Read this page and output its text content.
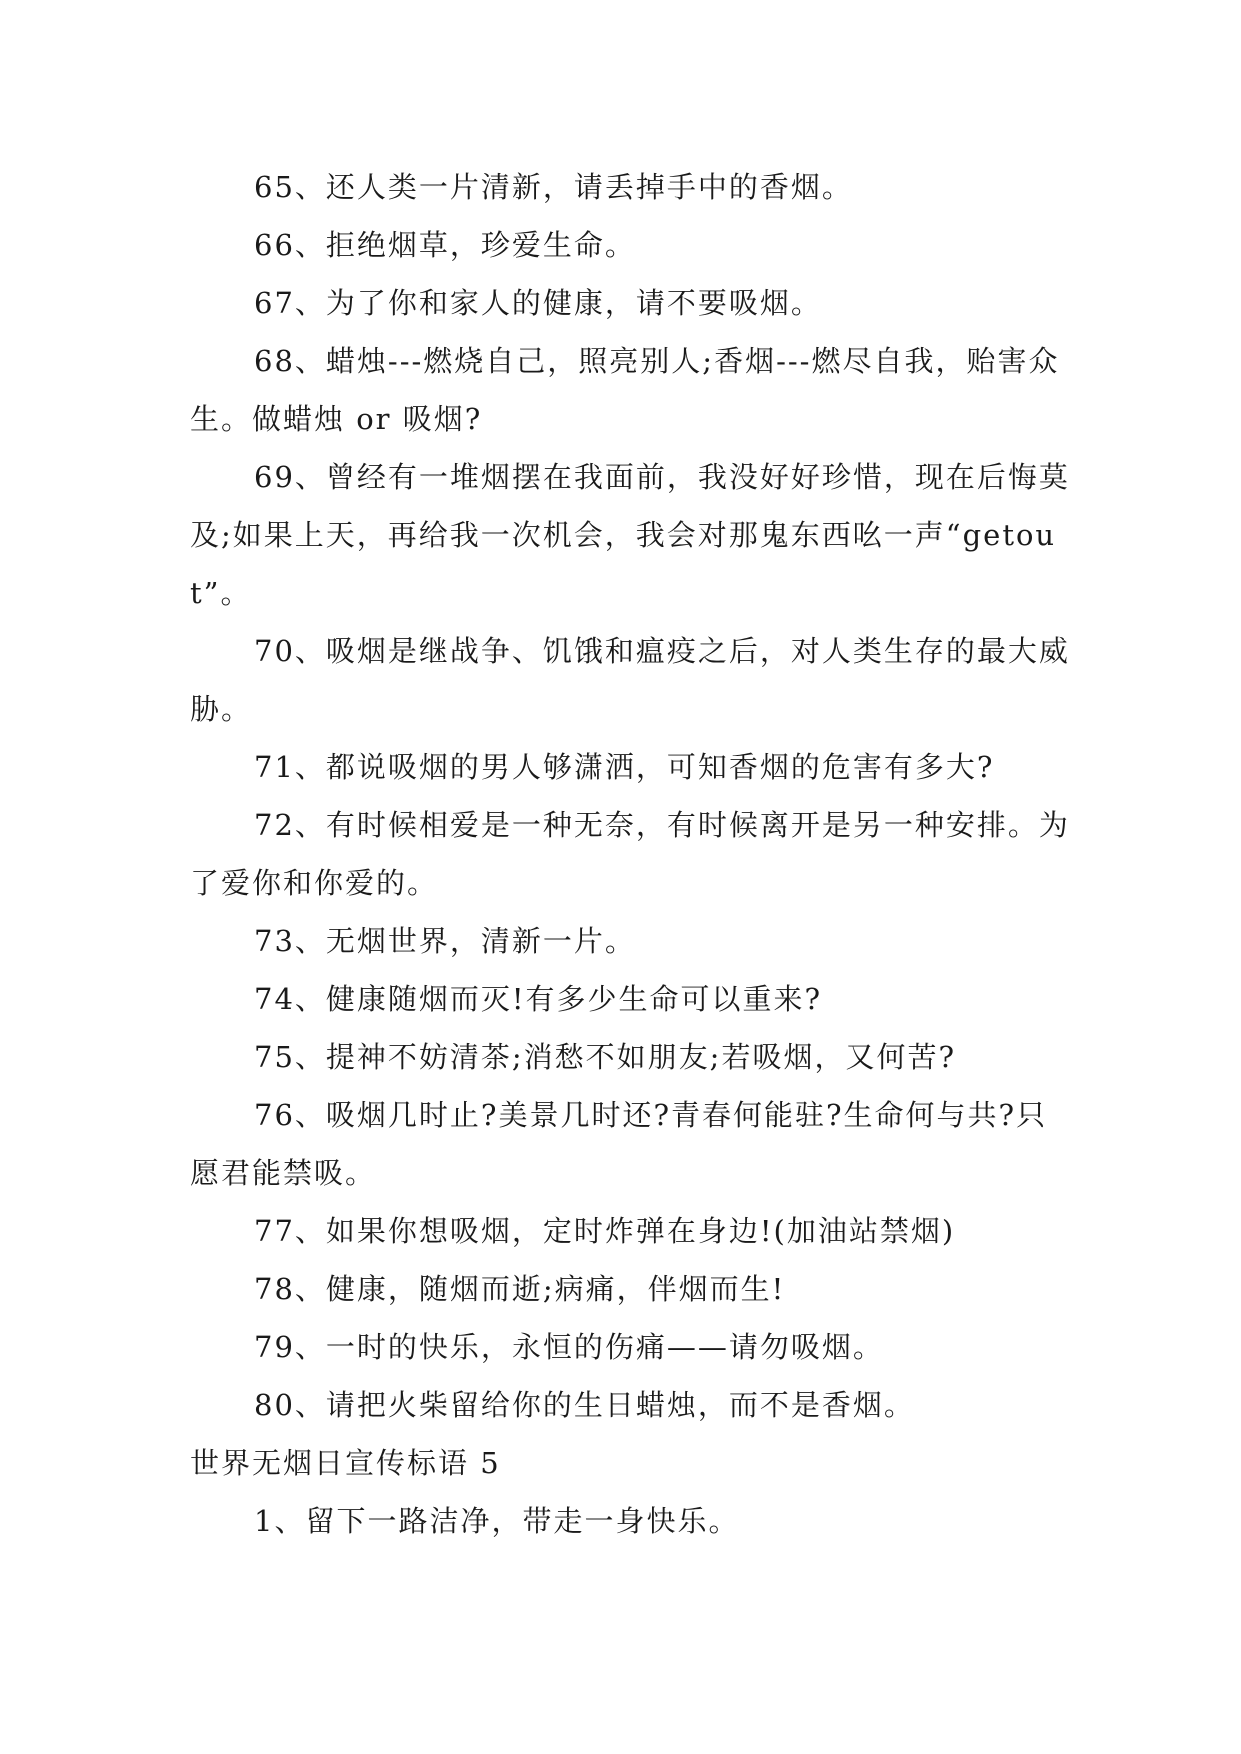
65、还人类一片清新，请丢掉手中的香烟。

66、拒绝烟草，珍爱生命。

67、为了你和家人的健康，请不要吸烟。

68、蜡烛---燃烧自己，照亮别人;香烟---燃尽自我，贻害众生。做蜡烛 or 吸烟?

69、曾经有一堆烟摆在我面前，我没好好珍惜，现在后悔莫及;如果上天，再给我一次机会，我会对那鬼东西吆一声“getout”。

70、吸烟是继战争、饥饿和瘟疫之后，对人类生存的最大威胁。

71、都说吸烟的男人够潇洒，可知香烟的危害有多大?

72、有时候相爱是一种无奈，有时候离开是另一种安排。为了爱你和你爱的。

73、无烟世界，清新一片。

74、健康随烟而灭!有多少生命可以重来?

75、提神不妨清茶;消愁不如朋友;若吸烟，又何苦?

76、吸烟几时止?美景几时还?青春何能驻?生命何与共?只愿君能禁吸。

77、如果你想吸烟，定时炸弹在身边!(加油站禁烟)

78、健康，随烟而逝;病痛，伴烟而生!

79、一时的快乐，永恒的伤痛——请勿吸烟。

80、请把火柴留给你的生日蜡烛，而不是香烟。

世界无烟日宣传标语 5

1、留下一路洁净，带走一身快乐。
